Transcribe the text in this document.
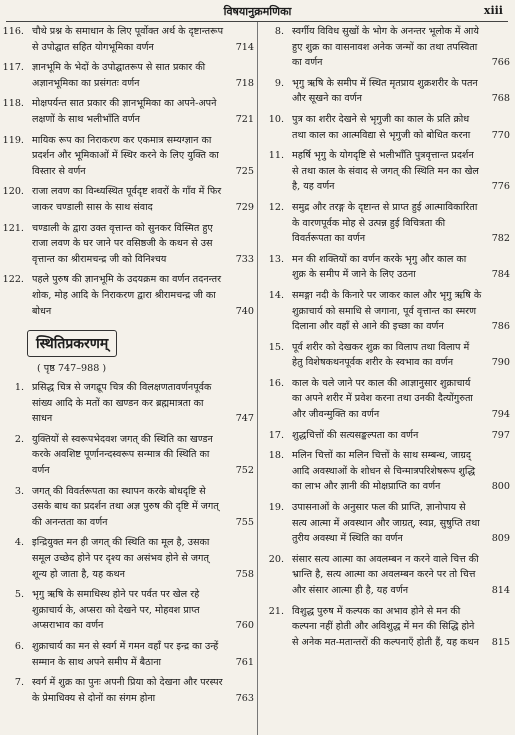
विषयानुक्रमणिका	xiii
116. चौथे प्रश्न के समाधान के लिए पूर्वोक्त अर्थ के दृष्टान्तरूप से उपोद्घात सहित योगभूमिका वर्णन	714
117. ज्ञानभूमि के भेदों के उपोद्घातरूप से सात प्रकार की अज्ञानभूमिका का प्रसंगतः वर्णन	718
118. मोक्षपर्यन्त सात प्रकार की ज्ञानभूमिका का अपने-अपने लक्षणों के साथ भलीभाँति वर्णन	721
119. मायिक रूप का निराकरण कर एकमात्र सम्यग्ज्ञान का प्रदर्शन और भूमिकाओं में स्थिर करने के लिए युक्ति का विस्तार से वर्णन	725
120. राजा लवण का विन्ध्यस्थित पूर्वदृष्ट शवरों के गाँव में फिर जाकर चण्डाली सास के साथ संवाद	729
121. चण्डाली के द्वारा उक्त वृत्तान्त को सुनकर विस्मित हुए राजा लवण के घर जाने पर वसिष्ठजी के कथन से उस वृत्तान्त का श्रीरामचन्द्र जी को विनिश्चय	733
122. पहले पुरुष की ज्ञानभूमि के उदयक्रम का वर्णन तदनन्तर शोक, मोह आदि के निराकरण द्वारा श्रीरामचन्द्र जी का बोधन	740
स्थितिप्रकरणम्
( पृष्ठ 747–988 )
1. प्रसिद्ध चित्र से जगद्रूप चित्र की विलक्षणतावर्णनपूर्वक सांख्य आदि के मतों का खण्डन कर ब्रह्ममात्रता का साधन	747
2. युक्तियों से स्वरूपभेदवश जगत् की स्थिति का खण्डन करके अवशिष्ट पूर्णानन्दस्वरूप सन्मात्र की स्थिति का वर्णन	752
3. जगत् की विवर्तरूपता का स्थापन करके बोधदृष्टि से उसके बाध का प्रदर्शन तथा अज्ञ पुरुष की दृष्टि में जगत् की अनन्तता का वर्णन	755
4. इन्द्रियुक्त मन ही जगत् की स्थिति का मूल है, उसका समूल उच्छेद होने पर दृश्य का असंभव होने से जगत् शून्य हो जाता है, यह कथन	758
5. भृगु ऋषि के समाधिस्थ होने पर पर्वत पर खेल रहे शुक्राचार्य के, अप्सरा को देखने पर, मोहवश प्राप्त अप्सराभाव का वर्णन	760
6. शुक्राचार्य का मन से स्वर्ग में गमन वहाँ पर इन्द्र का उन्हें सम्मान के साथ अपने समीप में बैठाना	761
7. स्वर्ग में शुक्र का पुनः अपनी प्रिया को देखना और परस्पर के प्रेमाधिक्य से दोनों का संगम होना	763
8. स्वर्गीय विविध सुखों के भोग के अनन्तर भूलोक में आये हुए शुक्र का वासनावश अनेक जन्मों का तथा तपस्विता का वर्णन	766
9. भृगु ऋषि के समीप में स्थित मृतप्राय शुक्रशरीर के पतन और सूखने का वर्णन	768
10. पुत्र का शरीर देखने से भृगुजी का काल के प्रति क्रोध तथा काल का आत्मविद्या से भृगुजी को बोधित करना	770
11. महर्षि भृगु के योगदृष्टि से भलीभाँति पुत्रवृत्तान्त प्रदर्शन से तथा काल के संवाद से जगत् की स्थिति मन का खेल है, यह वर्णन	776
12. समुद्र और तरङ्ग के दृष्टान्त से प्राप्त हुई आत्माविकारिता के वारणपूर्वक मोह से उत्पन्न हुई विचित्रता की विवर्तरूपता का वर्णन	782
13. मन की शक्तियों का वर्णन करके भृगु और काल का शुक्र के समीप में जाने के लिए उठना	784
14. समङ्गा नदी के किनारे पर जाकर काल और भृगु ऋषि के शुक्राचार्य को समाधि से जगाना, पूर्व वृत्तान्त का स्मरण दिलाना और वहाँ से आने की इच्छा का वर्णन	786
15. पूर्व शरीर को देखकर शुक्र का विलाप तथा विलाप में हेतु विशेषकथनपूर्वक शरीर के स्वभाव का वर्णन	790
16. काल के चले जाने पर काल की आज्ञानुसार शुक्राचार्य का अपने शरीर में प्रवेश करना तथा उनकी दैत्योंगुरुता और जीवन्मुक्ति का वर्णन	794
17. शुद्धचित्तों की सत्यसङ्कल्पता का वर्णन	797
18. मलिन चित्तों का मलिन चित्तों के साथ सम्बन्ध, जाग्रद् आदि अवस्थाओं के शोधन से चिन्मात्रपरिशेषरूप शुद्धि का लाभ और ज्ञानी की मोक्षप्राप्ति का वर्णन	800
19. उपासनाओं के अनुसार फल की प्राप्ति, ज्ञानोपाय से सत्य आत्मा में अवस्थान और जाग्रत्, स्वप्न, सुषुप्ति तथा तुरीय अवस्था में स्थिति का वर्णन	809
20. संसार सत्य आत्मा का अवलम्बन न करने वाले चित्त की भ्रान्ति है, सत्य आत्मा का अवलम्बन करने पर तो चित्त और संसार आत्मा ही है, यह वर्णन	814
21. विशुद्ध पुरुष में कल्पक का अभाव होने से मन की कल्पना नहीं होती और अविशुद्ध में मन की सिद्धि होने से अनेक मत-मतान्तरों की कल्पनाएँ होती हैं, यह कथन	815
